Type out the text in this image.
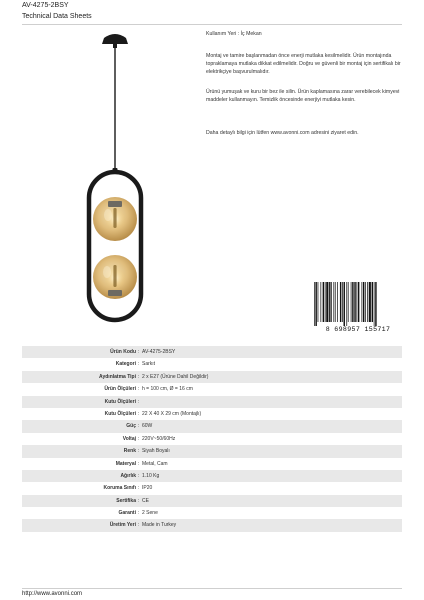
AV-4275-2BSY
Technical Data Sheets
Kullanım Yeri : İç Mekan

Montaj ve tamire başlanmadan önce enerji mutlaka kesilmelidir. Ürün montajında topraklamaya mutlaka dikkat edilmelidir. Doğru ve güvenli bir montaj için sertifikalı bir elektrikçiye başvurulmalıdır.

Ürünü yumuşak ve kuru bir bez ile silin. Ürün kaplamasına zarar verebilecek kimyevi maddeler kullanmayın. Temizlik öncesinde enerjiyi mutlaka kesin.

Daha detaylı bilgi için lütfen www.avonni.com adresini ziyaret edin.

8 698957 155717
Ürün Kodu : AV-4275-2BSY
Kategori : Sarkıt
Aydınlatma Tipi : 2 x E27 (Ürüne Dahil Değildir)
Ürün Ölçüleri : h = 100 cm, Ø = 16 cm
Kutu Ölçüleri :
Kutu Ölçüleri : 22 X 40 X 29 cm (Montajlı)
Güç : 60W
Voltaj : 220V~50/60Hz
Renk : Siyah Boyalı
Materyal : Metal, Cam
Ağırlık : 1.10 Kg
Koruma Sınıfı : IP20
Sertifika : CE
Garanti : 2 Sene
Üretim Yeri : Made in Turkey
http://www.avonni.com
